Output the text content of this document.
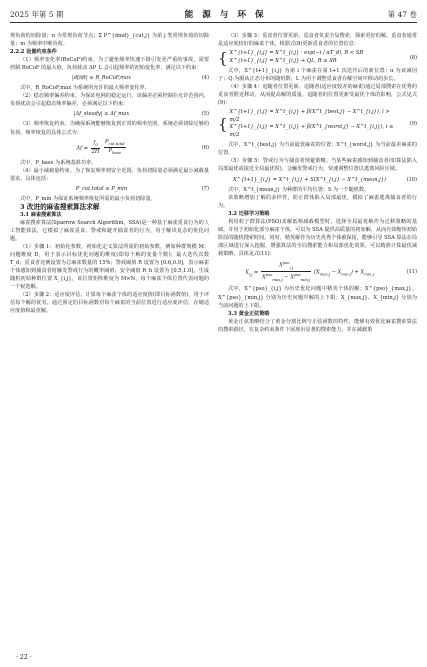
2025 年第 5 期	能 源 与 环 保	第 47 卷

规负荷的切除量；n 为常规负荷节点；Σ P^{dmd}_{cut,j} 为第 j 类常规负荷的切除量；m 为频率中断负荷。

2.2.2 设置约束条件

（1）频率变化率(RoCoF)约束。为了避免频率快速下降引发更严重的事故，需要控制 RoCoF 的最大值，负荷扰动 ΔP_L 会引起频率的初始变化率，满足以下约束：

|df/dt| ≤ R_RoCoF,max	(4)

式中，R_RoCoF,max 为系统所允许的最大频率变化率。

（2）稳态频率偏差约束。为保证电网的稳定运行，该偏差必须控制在允许范围内，负荷扰动会引起稳态频率偏差，必须满足以下约束：

|Δf_steady| ≤ Δf_max	(5)

（3）频率恢复约束。为确保系统能够恢复到正常的频率范围，系统必须切除足够的负荷。频率恢复的具体公式为：

$\Delta f = \frac{f_0}{2H}$
$\frac{P_{cut,total}}{P_{base}}$	(6)

式中，P_base 为系统基准功率。

（4）最小减载量约束。为了恢复频率到安全范围，负荷切除量必须满足最小减载量要求，具体包括：

P_cut,total ≥ P_min	(7)

式中，P_min 为保证系统频率恢复所需的最小负荷切除量。

3 改进的麻雀搜索算法求解

3.1 麻雀搜索算法

麻雀搜索算法(Sparrow Search Algorithm，SSA)是一种基于麻雀觅食行为的人工智能算法，它模拟了麻雀觅食、警戒和避开捕食者的行为，用于解决复杂的优化问题。

（1）步骤 1：初始化参数。初始化定义算法所需的初始参数，例如种群规模 M；问题维度 D，用于表示目标优化问题的维度(即每个解的变量个数)；最大迭代次数 T_d；觅食者比例设置为总麻雀数量的 15%；警戒阈值 R 设置为 [0.6,0.9]，表示麻雀个体感知到捕食者时触发警戒行为的概率阈值；安全阈值 R_h 设置为 [0.5,1.0]，生成随机初始种群位置 X_{i,j}，该位置矩阵维度为 M×N，每个麻雀个体位置代表问题的一个候选解。

（2）步骤 2：适应度评估。计算每个麻雀个体的适应度值(即目标函数值)，用于评估每个解的优劣。通过预定的目标函数对每个麻雀的当前位置进行适应度评估，存储适应度值和最优解。

（3）步骤 3：觅食者位置更新。觅食者负责全局搜索，探索更好的解。觅食者通常是适应度较好的麻雀个体，根据式(8)更新觅食者的位置信息：

{ X^{t+1}_{i,j} = X^t_{i,j} · exp(−i / αT_d), R < SR
X^{t+1}_{i,j} = X^t_{i,j} + QL, R ≥ SR
(8)

式中，X^{t+1}_{i,j} 为第 i 个麻雀在第 t+1 次迭代后的新位置；α 为衰减因子；Q 为服从正态分布的随机数；L 为用于调整觅食者在解空间中移动的步长。

（4）步骤 4：追随者位置更新。追随者(适应度较差的麻雀)通过局部搜索在优秀的觅食者附近移动，从而提高解的质量。追随者的位置更新受最优个体的影响，公式见式(9)：

{
X^{t+1}_{i,j} = X^t_{i,j} + β(X^t_{best,j} − X^t_{i,j}), i > m/2
X^{t+1}_{i,j} = X^t_{i,j} + β(X^t_{worst,j} − X^t_{i,j}), i ≤ m/2
(9)

式中，X^t_{best,j} 为当前最优麻雀的位置；X^t_{worst,j} 为当前最差麻雀的位置。

（5）步骤 5：警戒行为与捕食者规避策略。当某些麻雀感知到捕食者(如算法陷入局部最优或接近全局最优时)，会触发警戒行为，快速调整位置以逃离风险区域。

X^{t+1}_{i,j} = X^t_{i,j} + S(X^t_{i,j} − X^t_{mean,j})	(10)

式中，X^t_{mean,j} 为种群的平均位置；S 为一个随机数。

该策略增加了解的多样性，防止群体陷入局部最优，模拟了麻雀逃离捕食者的行为。

3.2 迁移学习策略

利用粒子群算法(PSO)求解低频减载模型时，选择全局最优解作为迁移策略的基础，并用于初始化部分麻雀个体，可以为 SSA 提供高质量的初始解，从而有效缩短初始阶段的随机搜索时间。同时，精英解作为历史优秀个体被保留，能够引导 SSA 算法在局部区域进行深入挖掘，增强算法的全局搜索能力和局部优化效果，可以精准计算最优减载策略，具体见式(11)：

$X_{i,j} = \frac{X^{pso}_{i,j}}{X^{pso}_{max,j} - X^{pso}_{min,j}} (X_{max,j} - X_{min,j}) + X_{min,j}$	(11)

式中，X^{pso}_{i,j} 为历史优化问题中精英个体的解；X^{pso}_{max,j}、X^{pso}_{min,j} 分别为历史问题中解的上下限；X_{max,j}、X_{min,j} 分别为当前问题的上下限。

3.3 黄金正弦策略

黄金正弦策略结合了黄金分割比例与正弦函数的特性，能够有效优化麻雀搜索算法的搜索路径，在复杂约束条件下展现出显著的搜索能力，并在减载策

· 22 ·
